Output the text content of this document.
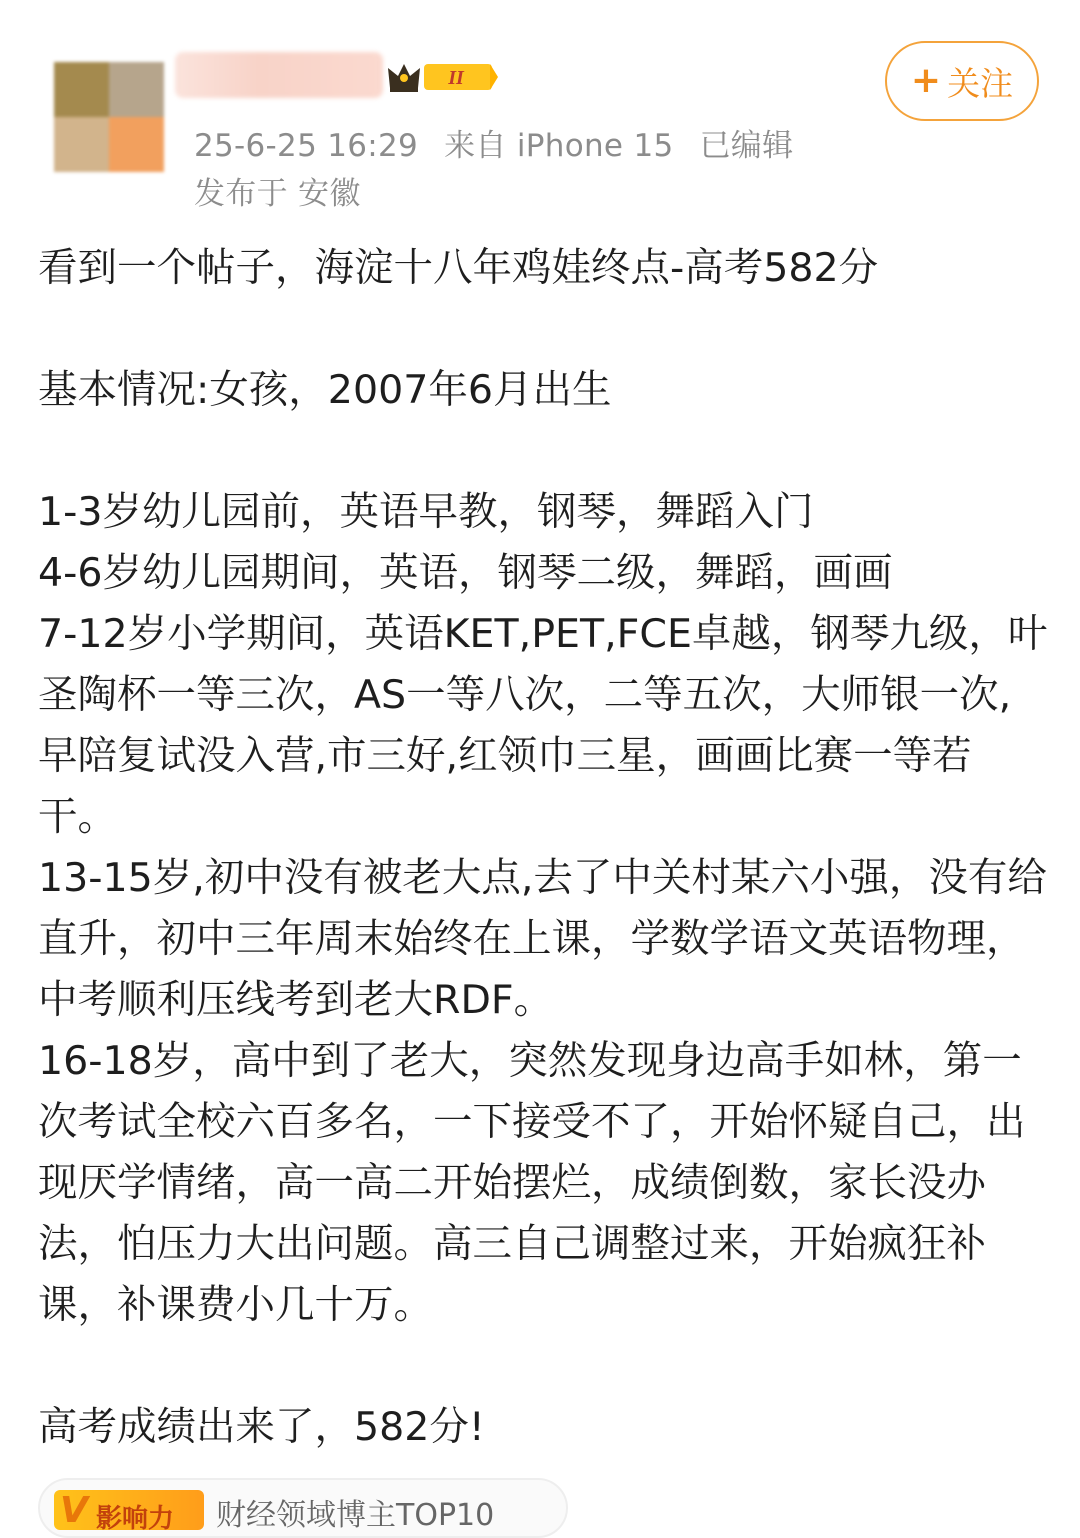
II
25-6-25 16:29 来自 iPhone 15 已编辑
发布于 安徽
+ 关注

看到一个帖子，海淀十八年鸡娃终点-高考582分

基本情况:女孩，2007年6月出生

1-3岁幼儿园前，英语早教，钢琴，舞蹈入门

4-6岁幼儿园期间，英语，钢琴二级，舞蹈，画画

7-12岁小学期间，英语KET,PET,FCE卓越，钢琴九级，叶圣陶杯一等三次，AS一等八次，二等五次，大师银一次,早陪复试没入营,市三好,红领巾三星，画画比赛一等若干。

13-15岁,初中没有被老大点,去了中关村某六小强，没有给直升，初中三年周末始终在上课，学数学语文英语物理，中考顺利压线考到老大RDF。

16-18岁，高中到了老大，突然发现身边高手如林，第一次考试全校六百多名，一下接受不了，开始怀疑自己，出现厌学情绪，高一高二开始摆烂，成绩倒数，家长没办法，怕压力大出问题。高三自己调整过来，开始疯狂补课，补课费小几十万。

高考成绩出来了，582分!

V 影响力 财经领域博主TOP10
